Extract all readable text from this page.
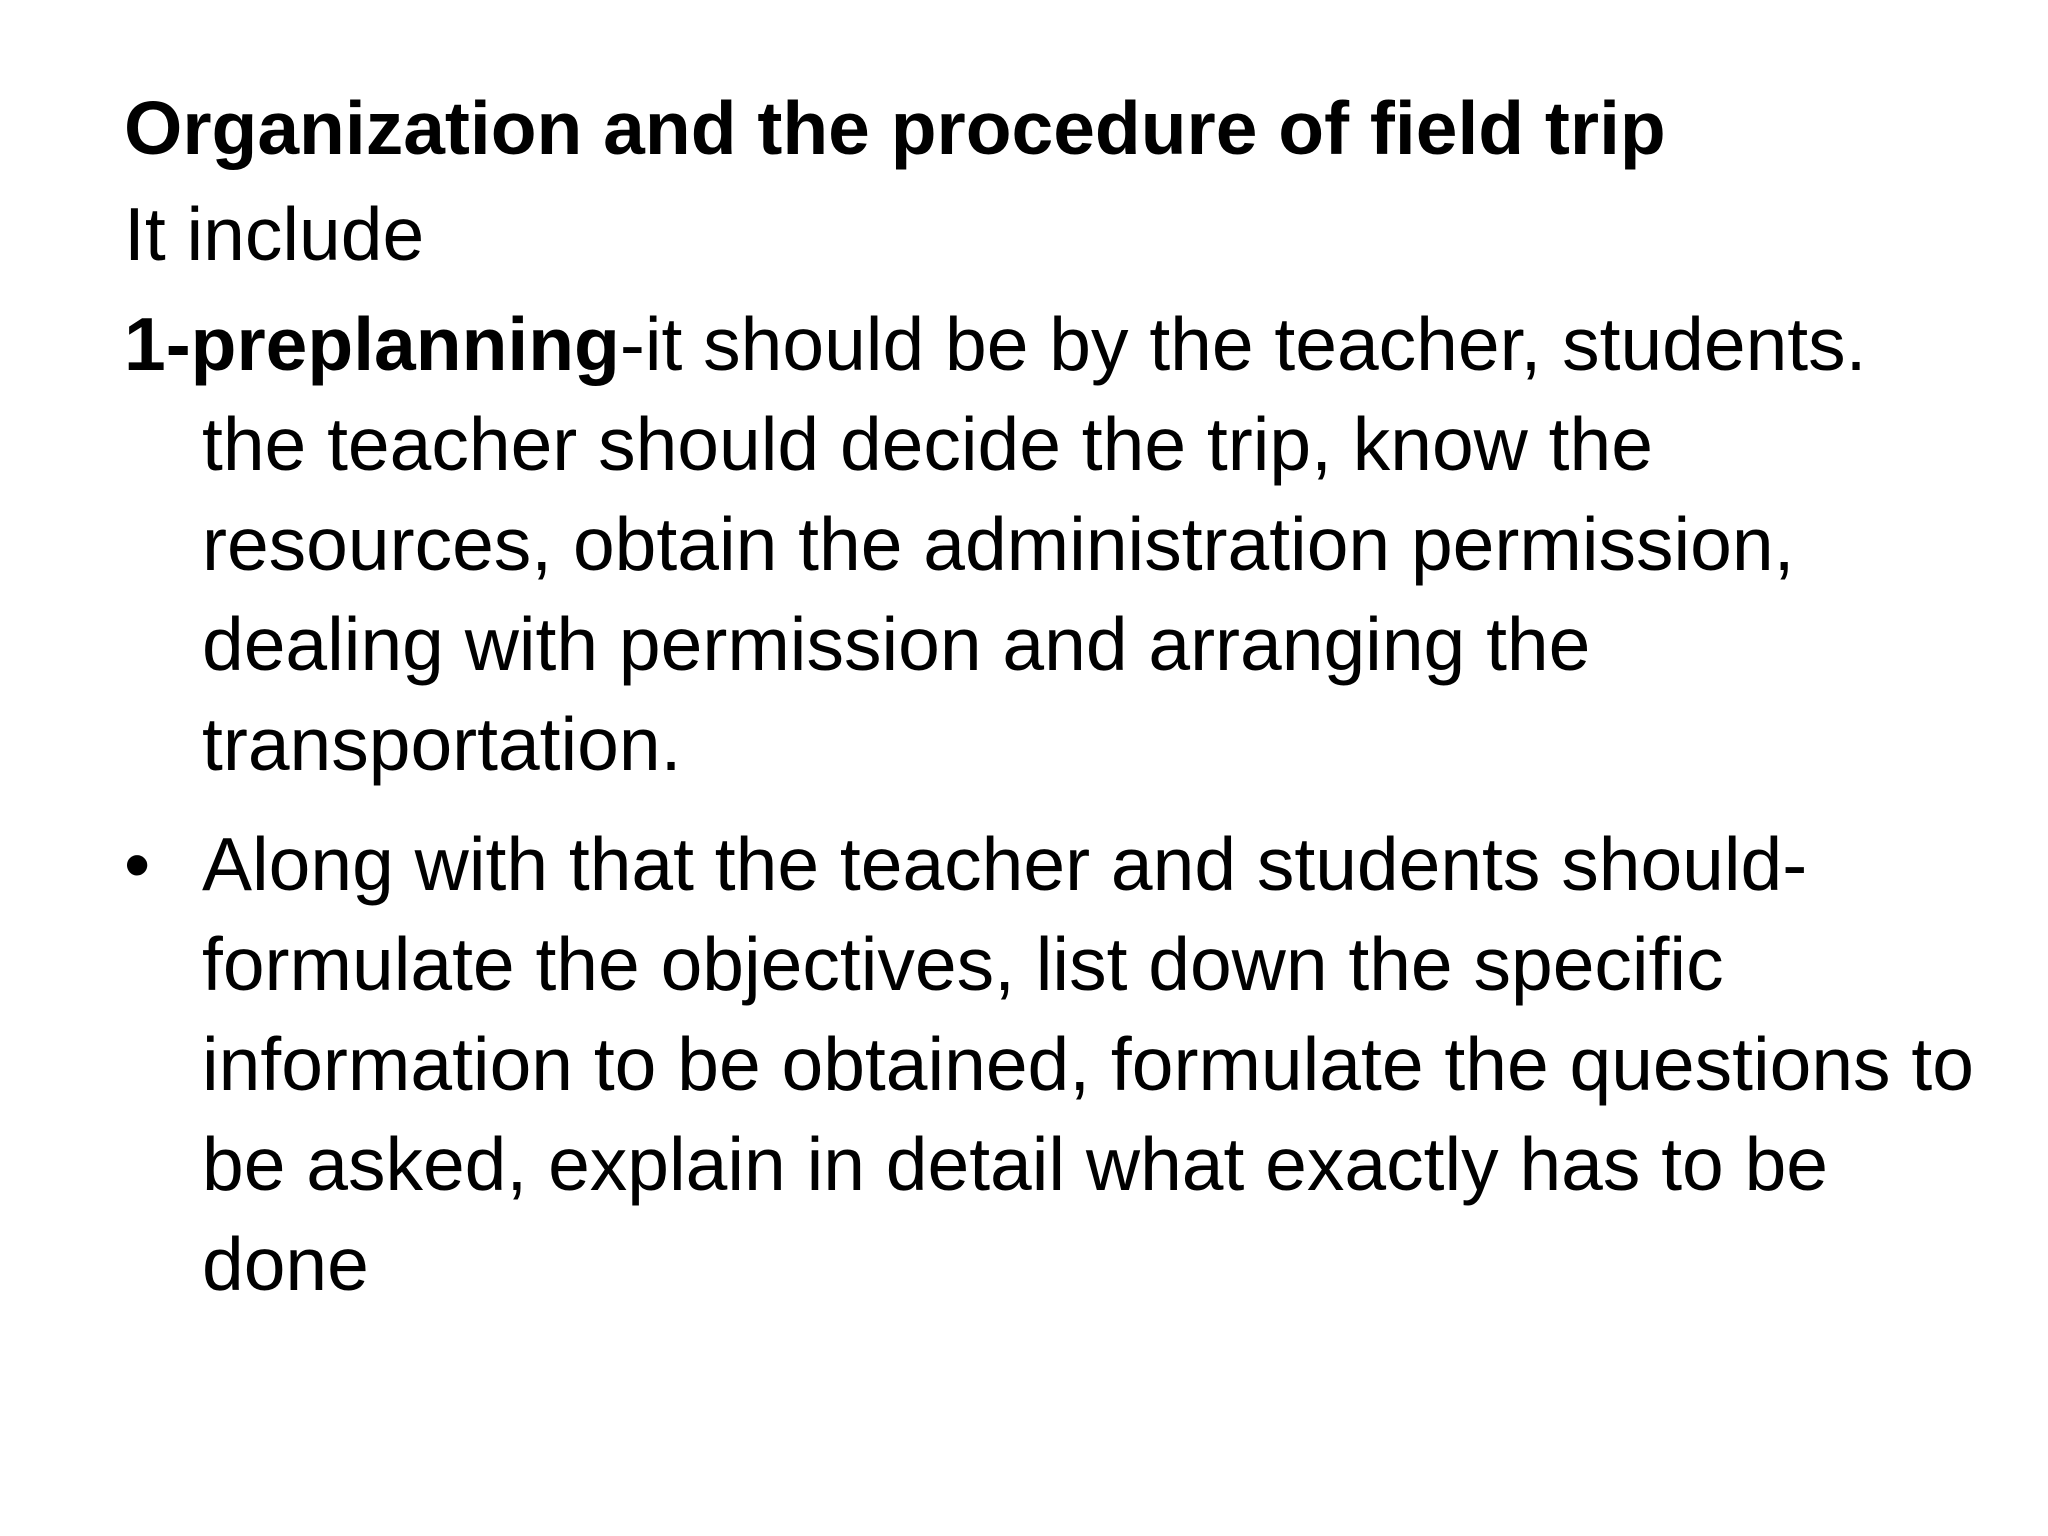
Organization and the procedure of field trip

It include

1-preplanning-it should be by the teacher, students. the teacher should decide the trip, know the resources, obtain the administration permission, dealing with permission and arranging the transportation.

• Along with that the teacher and students should-formulate the objectives, list down the specific information to be obtained, formulate the questions to be asked, explain in detail what exactly has to be done
